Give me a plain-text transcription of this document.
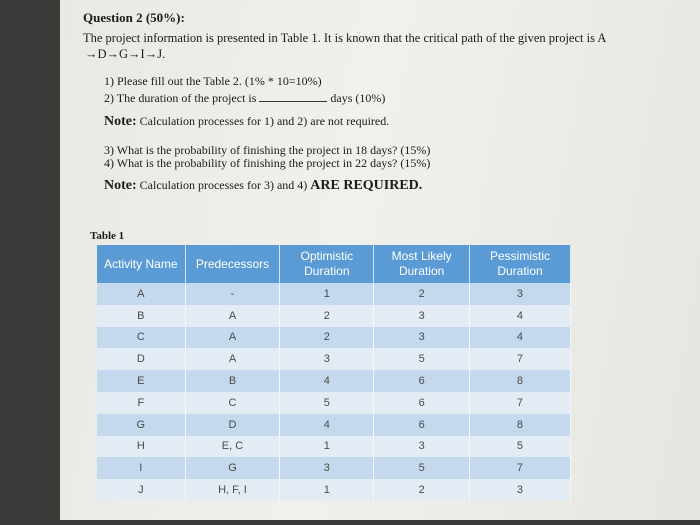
Question 2 (50%):
The project information is presented in Table 1. It is known that the critical path of the given project is A
→D→G→I→J.
1) Please fill out the Table 2. (1% * 10=10%)
2) The duration of the project is	days (10%)
Note: Calculation processes for 1) and 2) are not required.
3) What is the probability of finishing the project in 18 days? (15%)
4) What is the probability of finishing the project in 22 days? (15%)
Note: Calculation processes for 3) and 4) ARE REQUIRED.
Table 1
Activity Name	Predecessors	Optimistic Duration	Most Likely Duration	Pessimistic Duration
A	-	1	2	3
B	A	2	3	4
C	A	2	3	4
D	A	3	5	7
E	B	4	6	8
F	C	5	6	7
G	D	4	6	8
H	E, C	1	3	5
I	G	3	5	7
J	H, F, I	1	2	3
